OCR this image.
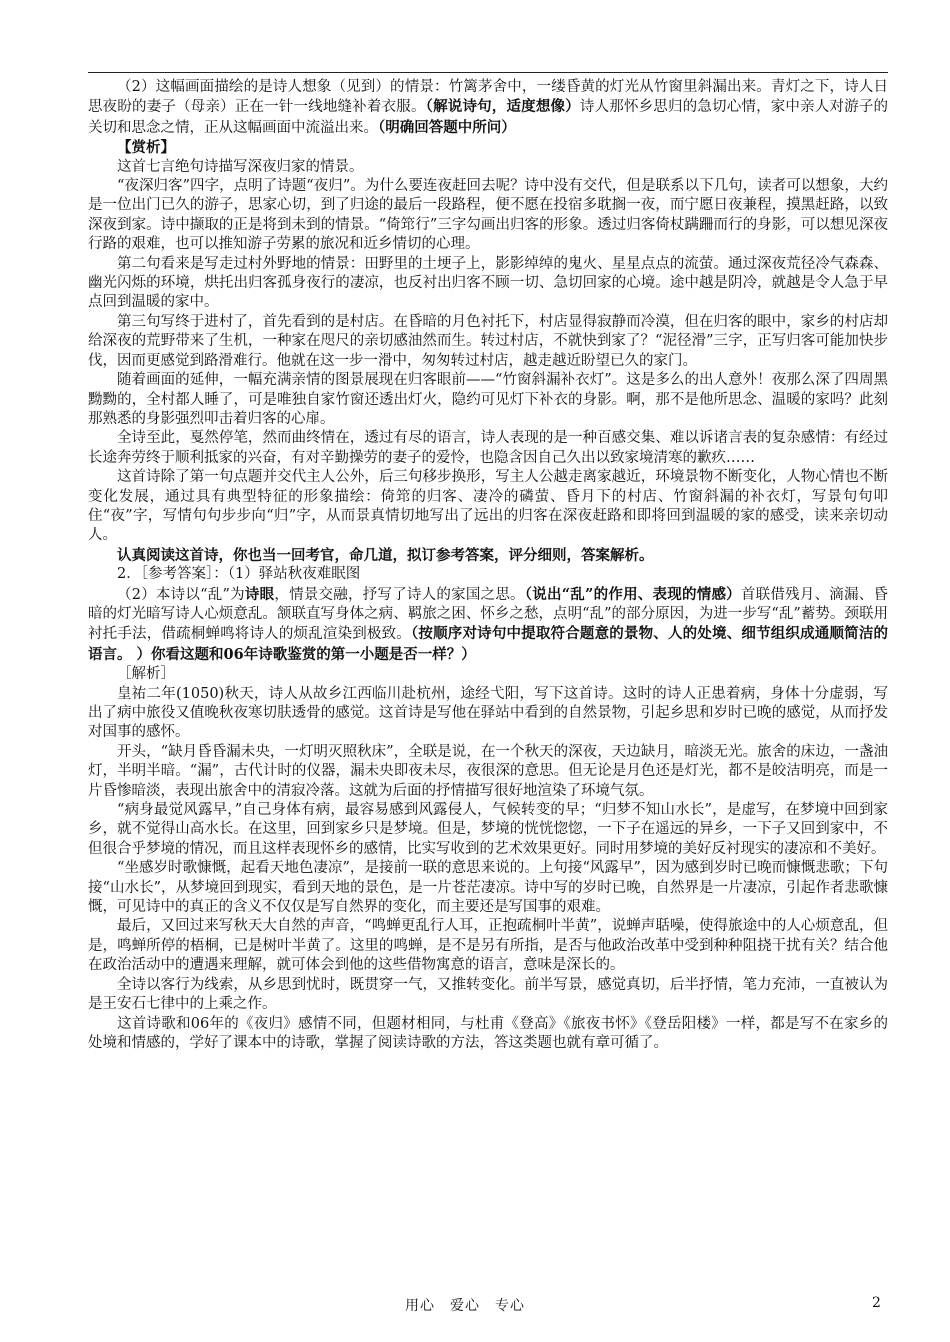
（2）这幅画面描绘的是诗人想象（见到）的情景：竹篱茅舍中，一缕昏黄的灯光从竹窗里斜漏出来。青灯之下，诗人日思夜盼的妻子（母亲）正在一针一线地缝补着衣服。（解说诗句，适度想像）诗人那怀乡思归的急切心情，家中亲人对游子的关切和思念之情，正从这幅画面中流溢出来。（明确回答题中所问）

【赏析】

这首七言绝句诗描写深夜归家的情景。

“夜深归客”四字，点明了诗题“夜归”。为什么要连夜赶回去呢？诗中没有交代，但是联系以下几句，读者可以想象，大约是一位出门已久的游子，思家心切，到了归途的最后一段路程，便不愿在投宿多耽搁一夜，而宁愿日夜兼程，摸黑赶路，以致深夜到家。诗中撷取的正是将到未到的情景。“倚筇行”三字勾画出归客的形象。透过归客倚杖蹒跚而行的身影，可以想见深夜行路的艰难，也可以推知游子劳累的旅况和近乡情切的心理。

第二句看来是写走过村外野地的情景：田野里的土埂子上，影影绰绰的鬼火、星星点点的流萤。通过深夜荒径冷气森森、幽光闪烁的环境，烘托出归客孤身夜行的凄凉，也反衬出归客不顾一切、急切回家的心境。途中越是阴冷，就越是令人急于早点回到温暖的家中。

第三句写终于进村了，首先看到的是村店。在昏暗的月色衬托下，村店显得寂静而冷漠，但在归客的眼中，家乡的村店却给深夜的荒野带来了生机，一种家在咫尺的亲切感油然而生。转过村店，不就快到家了？“泥径滑”三字，正写归客可能加快步伐，因而更感觉到路滑难行。他就在这一步一滑中，匆匆转过村店，越走越近盼望已久的家门。

随着画面的延伸，一幅充满亲情的图景展现在归客眼前——“竹窗斜漏补衣灯”。这是多么的出人意外！夜那么深了四周黑黝黝的，全村都人睡了，可是唯独自家竹窗还透出灯火，隐约可见灯下补衣的身影。啊，那不是他所思念、温暖的家吗？此刻那熟悉的身影强烈叩击着归客的心扉。

全诗至此，戛然停笔，然而曲终情在，透过有尽的语言，诗人表现的是一种百感交集、难以诉诸言表的复杂感情：有经过长途奔劳终于顺利抵家的兴奋，有对辛勤操劳的妻子的爱怜，也隐含因自己久出以致家境清寒的歉疚……

这首诗除了第一句点题并交代主人公外，后三句移步换形，写主人公越走离家越近，环境景物不断变化，人物心情也不断变化发展，通过具有典型特征的形象描绘：倚筇的归客、凄冷的磷萤、昏月下的村店、竹窗斜漏的补衣灯，写景句句叩住“夜”字，写情句句步步向“归”字，从而景真情切地写出了远出的归客在深夜赶路和即将回到温暖的家的感受，读来亲切动人。

认真阅读这首诗，你也当一回考官，命几道，拟订参考答案，评分细则，答案解析。

2．［参考答案］：（1）驿站秋夜难眠图

（2）本诗以“乱”为诗眼，情景交融，抒写了诗人的家国之思。（说出“乱”的作用、表现的情感）首联借残月、滴漏、昏暗的灯光暗写诗人心烦意乱。颔联直写身体之病、羁旅之困、怀乡之愁，点明“乱”的部分原因，为进一步写“乱”蓄势。颈联用衬托手法，借疏桐蝉鸣将诗人的烦乱渲染到极致。（按顺序对诗句中提取符合题意的景物、人的处境、细节组织成通顺简洁的语言。 ）你看这题和06年诗歌鉴赏的第一小题是否一样？）

［解析］

皇祐二年(1050)秋天，诗人从故乡江西临川赴杭州，途经弋阳，写下这首诗。这时的诗人正患着病，身体十分虚弱，写出了病中旅役又值晚秋夜寒切肤透骨的感觉。这首诗是写他在驿站中看到的自然景物，引起乡思和岁时已晚的感觉，从而抒发对国事的感怀。

开头，“缺月昏昏漏未央，一灯明灭照秋床”，全联是说，在一个秋天的深夜，天边缺月，暗淡无光。旅舍的床边，一盏油灯，半明半暗。“漏”，古代计时的仪器，漏未央即夜未尽，夜很深的意思。但无论是月色还是灯光，都不是皎洁明亮，而是一片昏惨暗淡，表现出旅舍中的清寂冷落。这就为后面的抒情描写很好地渲染了环境气氛。

“病身最觉风露早，”自己身体有病，最容易感到风露侵人，气候转变的早；“归梦不知山水长”，是虚写，在梦境中回到家乡，就不觉得山高水长。在这里，回到家乡只是梦境。但是，梦境的恍恍惚惚，一下子在遥远的异乡，一下子又回到家中，不但很合乎梦境的情况，而且这样表现怀乡的感情，比实写收到的艺术效果更好。同时用梦境的美好反衬现实的凄凉和不美好。

“坐感岁时歌慷慨，起看天地色凄凉”，是接前一联的意思来说的。上句接“风露早”，因为感到岁时已晚而慷慨悲歌；下句接“山水长”，从梦境回到现实，看到天地的景色，是一片苍茫凄凉。诗中写的岁时已晚，自然界是一片凄凉，引起作者悲歌慷慨，可见诗中的真正的含义不仅仅是写自然界的变化，而主要还是写国事的艰难。

最后，又回过来写秋天大自然的声音，“鸣蝉更乱行人耳，正抱疏桐叶半黄”，说蝉声聒噪，使得旅途中的人心烦意乱，但是，鸣蝉所停的梧桐，已是树叶半黄了。这里的鸣蝉，是不是另有所指，是否与他政治改革中受到种种阻挠干扰有关？结合他在政治活动中的遭遇来理解，就可体会到他的这些借物寓意的语言，意味是深长的。

全诗以客行为线索，从乡思到忧时，既贯穿一气，又推转变化。前半写景，感觉真切，后半抒情，笔力充沛，一直被认为是王安石七律中的上乘之作。

这首诗歌和06年的《夜归》感情不同，但题材相同，与杜甫《登高》《旅夜书怀》《登岳阳楼》一样，都是写不在家乡的处境和情感的，学好了课本中的诗歌，掌握了阅读诗歌的方法，答这类题也就有章可循了。

用心　爱心　专心	2
